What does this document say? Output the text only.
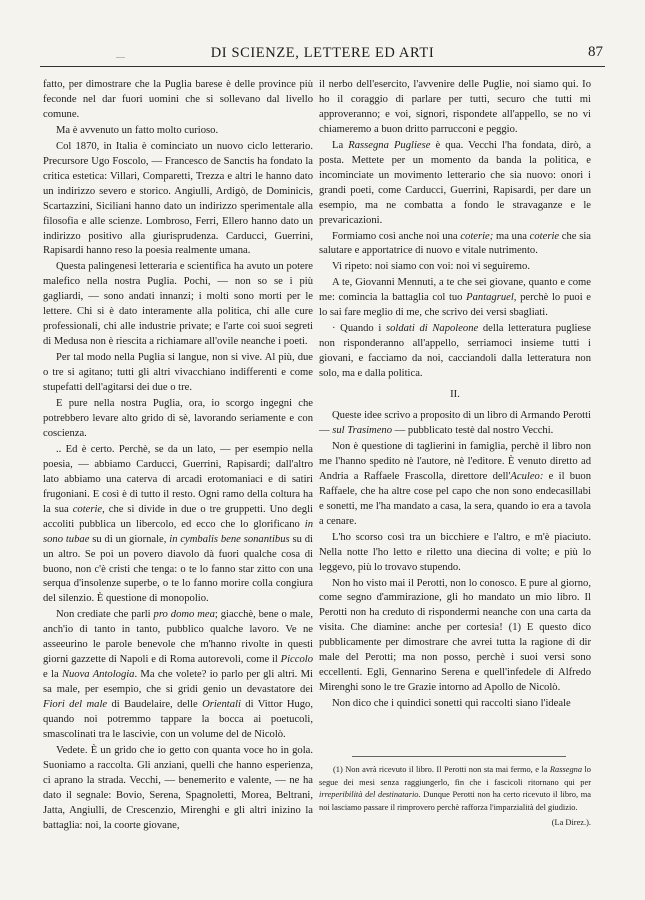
—	DI SCIENZE, LETTERE ED ARTI	87

fatto, per dimostrare che la Puglia barese è delle province più feconde nel dar fuori uomini che si sollevano dal livello comune.

Ma è avvenuto un fatto molto curioso.

Col 1870, in Italia è cominciato un nuovo ciclo letterario. Precursore Ugo Foscolo, — Francesco de Sanctis ha fondato la critica estetica: Villari, Comparetti, Trezza e altri le hanno dato un indirizzo severo e storico. Angiulli, Ardigò, de Dominicis, Scartazzini, Siciliani hanno dato un indirizzo sperimentale alla filosofia e alle scienze. Lombroso, Ferri, Ellero hanno dato un indirizzo positivo alla giurisprudenza. Carducci, Guerrini, Rapisardi hanno reso la poesia realmente umana.

Questa palingenesi letteraria e scientifica ha avuto un potere malefico nella nostra Puglia. Pochi, — non so se i più gagliardi, — sono andati innanzi; i molti sono morti per le lettere. Chi si è dato interamente alla politica, chi alle cure professionali, chi alle industrie private; e l'arte coi suoi segreti di Medusa non è riescita a richiamare all'ovile neanche i poeti.

Per tal modo nella Puglia si langue, non si vive. Al più, due o tre si agitano; tutti gli altri vivacchiano indifferenti e come stupefatti dell'agitarsi dei due o tre.

E pure nella nostra Puglia, ora, io scorgo ingegni che potrebbero levare alto grido di sè, lavorando seriamente e con coscienza.

.. Ed è certo. Perchè, se da un lato, — per esempio nella poesia, — abbiamo Carducci, Guerrini, Rapisardi; dall'altro lato abbiamo una caterva di arcadi erotomaniaci e di satiri frugoniani. E così è di tutto il resto. Ogni ramo della coltura ha la sua coterie, che si divide in due o tre gruppetti. Uno degli accoliti pubblica un libercolo, ed ecco che lo glorificano in sono tubae su di un giornale, in cymbalis bene sonantibus su di un altro. Se poi un povero diavolo dà fuori qualche cosa di buono, non c'è cristi che tenga: o te lo fanno star zitto con una serqua d'insolenze superbe, o te lo fanno morire colla congiura del silenzio. È questione di monopolio.

Non crediate che parli pro domo mea; giacchè, bene o male, anch'io di tanto in tanto, pubblico qualche lavoro. Ve ne asseeurino le parole benevole che m'hanno rivolte in questi giorni gazzette di Napoli e di Roma autorevoli, come il Piccolo e la Nuova Antologia. Ma che volete? io parlo per gli altri. Mi sa male, per esempio, che si gridi genio un devastatore dei Fiori del male di Baudelaire, delle Orientali di Vittor Hugo, quando noi potremmo tappare la bocca ai poetucoli, smascolinati tra le lascivie, con un volume del de Nicolò.

Vedete. È un grido che io getto con quanta voce ho in gola. Suoniamo a raccolta. Gli anziani, quelli che hanno esperienza, ci aprano la strada. Vecchi, — benemerito e valente, — ne ha dato il segnale: Bovio, Serena, Spagnoletti, Morea, Beltrani, Jatta, Angiulli, de Crescenzio, Mirenghi e gli altri inizino la battaglia: noi, la coorte giovane,

il nerbo dell'esercito, l'avvenire delle Puglie, noi siamo qui. Io ho il coraggio di parlare per tutti, securo che tutti mi approveranno; e voi, signori, rispondete all'appello, se no vi chiameremo a buon dritto parrucconi e peggio.

La Rassegna Pugliese è qua. Vecchi l'ha fondata, dirò, a posta. Mettete per un momento da banda la politica, e incominciate un movimento letterario che sia nuovo: onori i grandi poeti, come Carducci, Guerrini, Rapisardi, per dare un esempio, ma ne combatta a fondo le stravaganze e le prevaricazioni.

Formiamo così anche noi una coterie; ma una coterie che sia salutare e apportatrice di nuovo e vitale nutrimento.

Vi ripeto: noi siamo con voi: noi vi seguiremo.

A te, Giovanni Mennuti, a te che sei giovane, quanto e come me: comincia la battaglia col tuo Pantagruel, perchè lo puoi e lo sai fare meglio di me, che scrivo dei versi sbagliati.

· Quando i soldati di Napoleone della letteratura pugliese non risponderanno all'appello, serriamoci insieme tutti i giovani, e facciamo da noi, cacciandoli dalla letteratura non solo, ma e dalla politica.

II.

Queste idee scrivo a proposito di un libro di Armando Perotti — sul Trasimeno — pubblicato testè dal nostro Vecchi.

Non è questione di taglierini in famiglia, perchè il libro non me l'hanno spedito nè l'autore, nè l'editore. È venuto diretto ad Andria a Raffaele Frascolla, direttore dell'Aculeo: e il buon Raffaele, che ha altre cose pel capo che non sono endecasillabi e sonetti, me l'ha mandato a casa, la sera, quando io era a tavola a cenare.

L'ho scorso così tra un bicchiere e l'altro, e m'è piaciuto. Nella notte l'ho letto e riletto una diecina di volte; e più lo leggevo, più lo trovavo stupendo.

Non ho visto mai il Perotti, non lo conosco. E pure al giorno, come segno d'ammirazione, gli ho mandato un mio libro. Il Perotti non ha creduto di rispondermi neanche con una carta da visita. Che diamine: anche per cortesia! (1) E questo dico pubblicamente per dimostrare che avrei tutta la ragione di dir male del Perotti; ma non posso, perchè i suoi versi sono eccellenti. Egli, Gennarino Serena e quell'infedele di Alfredo Mirenghi sono le tre Grazie intorno ad Apollo de Nicolò.

Non dico che i quindici sonetti qui raccolti siano l'ideale

(1) Non avrà ricevuto il libro. Il Perotti non sta mai fermo, e la Rassegna lo segue dei mesi senza raggiungerlo, fin che i fascicoli ritornano qui per irreperibilità del destinatario. Dunque Perotti non ha certo ricevuto il libro, ma noi lasciamo passare il rimprovero perchè rafforza l'imparzialità del giudizio.

(La Direz.).
